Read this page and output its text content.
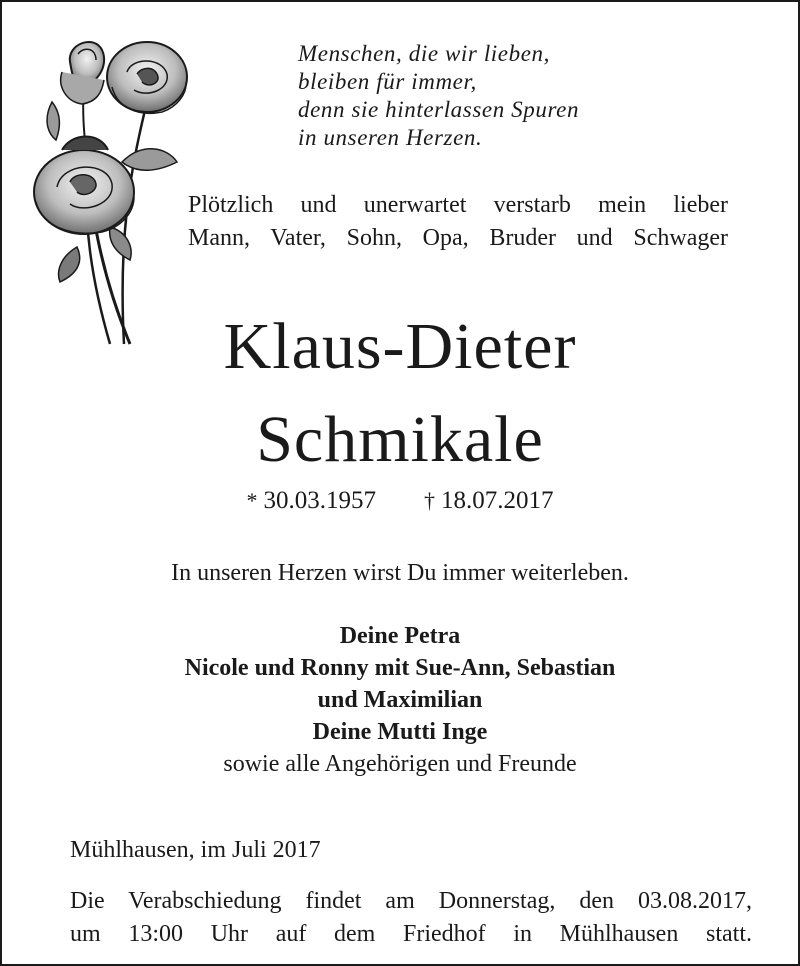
Menschen, die wir lieben,
bleiben für immer,
denn sie hinterlassen Spuren
in unseren Herzen.
Plötzlich und unerwartet verstarb mein lieber
Mann, Vater, Sohn, Opa, Bruder und Schwager
Klaus-Dieter
Schmikale
* 30.03.1957 † 18.07.2017
In unseren Herzen wirst Du immer weiterleben.
Deine Petra
Nicole und Ronny mit Sue-Ann, Sebastian
und Maximilian
Deine Mutti Inge
sowie alle Angehörigen und Freunde
Mühlhausen, im Juli 2017
Die Verabschiedung findet am Donnerstag, den 03.08.2017,
um 13:00 Uhr auf dem Friedhof in Mühlhausen statt.
